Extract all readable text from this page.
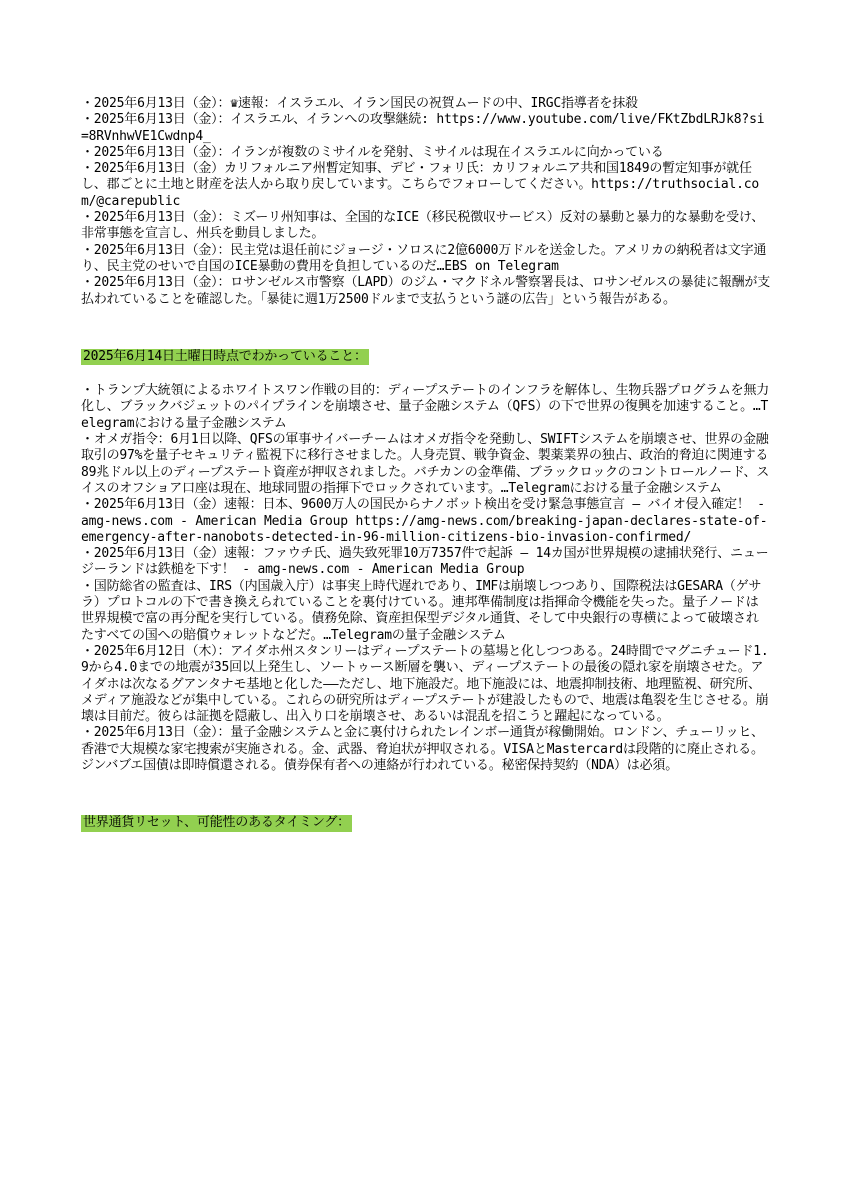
・2025年6月13日（金）：♛速報：イスラエル、イラン国民の祝賀ムードの中、IRGC指導者を抹殺

・2025年6月13日（金）：イスラエル、イランへの攻撃継続: https://www.youtube.com/live/FKtZbdLRJk8?si=8RVnhwVE1Cwdnp4_

・2025年6月13日（金）：イランが複数のミサイルを発射、ミサイルは現在イスラエルに向かっている

・2025年6月13日（金）カリフォルニア州暫定知事、デビ・フォリ氏：カリフォルニア共和国1849の暫定知事が就任し、郡ごとに土地と財産を法人から取り戻しています。こちらでフォローしてください。https://truthsocial.com/@carepublic

・2025年6月13日（金）：ミズーリ州知事は、全国的なICE（移民税徴収サービス）反対の暴動と暴力的な暴動を受け、非常事態を宣言し、州兵を動員しました。

・2025年6月13日（金）：民主党は退任前にジョージ・ソロスに2億6000万ドルを送金した。アメリカの納税者は文字通り、民主党のせいで自国のICE暴動の費用を負担しているのだ…EBS on Telegram

・2025年6月13日（金）：ロサンゼルス市警察（LAPD）のジム・マクドネル警察署長は、ロサンゼルスの暴徒に報酬が支払われていることを確認した。「暴徒に週1万2500ドルまで支払うという謎の広告」という報告がある。

2025年6月14日土曜日時点でわかっていること：

・トランプ大統領によるホワイトスワン作戦の目的：ディープステートのインフラを解体し、生物兵器プログラムを無力化し、ブラックバジェットのパイプラインを崩壊させ、量子金融システム（QFS）の下で世界の復興を加速すること。…Telegramにおける量子金融システム

・オメガ指令：6月1日以降、QFSの軍事サイバーチームはオメガ指令を発動し、SWIFTシステムを崩壊させ、世界の金融取引の97%を量子セキュリティ監視下に移行させました。人身売買、戦争資金、製薬業界の独占、政治的脅迫に関連する89兆ドル以上のディープステート資産が押収されました。バチカンの金準備、ブラックロックのコントロールノード、スイスのオフショア口座は現在、地球同盟の指揮下でロックされています。…Telegramにおける量子金融システム

・2025年6月13日（金）速報：日本、9600万人の国民からナノボット検出を受け緊急事態宣言 — バイオ侵入確定！ - amg-news.com - American Media Group https://amg-news.com/breaking-japan-declares-state-of-emergency-after-nanobots-detected-in-96-million-citizens-bio-invasion-confirmed/

・2025年6月13日（金）速報：ファウチ氏、過失致死罪10万7357件で起訴 — 14カ国が世界規模の逮捕状発行、ニュージーランドは鉄槌を下す！ - amg-news.com - American Media Group

・国防総省の監査は、IRS（内国歳入庁）は事実上時代遅れであり、IMFは崩壊しつつあり、国際税法はGESARA（ゲサラ）プロトコルの下で書き換えられていることを裏付けている。連邦準備制度は指揮命令機能を失った。量子ノードは世界規模で富の再分配を実行している。債務免除、資産担保型デジタル通貨、そして中央銀行の専横によって破壊されたすべての国への賠償ウォレットなどだ。…Telegramの量子金融システム

・2025年6月12日（木）：アイダホ州スタンリーはディープステートの墓場と化しつつある。24時間でマグニチュード1.9から4.0までの地震が35回以上発生し、ソートゥース断層を襲い、ディープステートの最後の隠れ家を崩壊させた。アイダホは次なるグアンタナモ基地と化した——ただし、地下施設だ。地下施設には、地震抑制技術、地理監視、研究所、メディア施設などが集中している。これらの研究所はディープステートが建設したもので、地震は亀裂を生じさせる。崩壊は目前だ。彼らは証拠を隠蔽し、出入り口を崩壊させ、あるいは混乱を招こうと躍起になっている。

・2025年6月13日（金）：量子金融システムと金に裏付けられたレインボー通貨が稼働開始。ロンドン、チューリッヒ、香港で大規模な家宅捜索が実施される。金、武器、脅迫状が押収される。VISAとMastercardは段階的に廃止される。ジンバブエ国債は即時償還される。債券保有者への連絡が行われている。秘密保持契約（NDA）は必須。

世界通貨リセット、可能性のあるタイミング：
